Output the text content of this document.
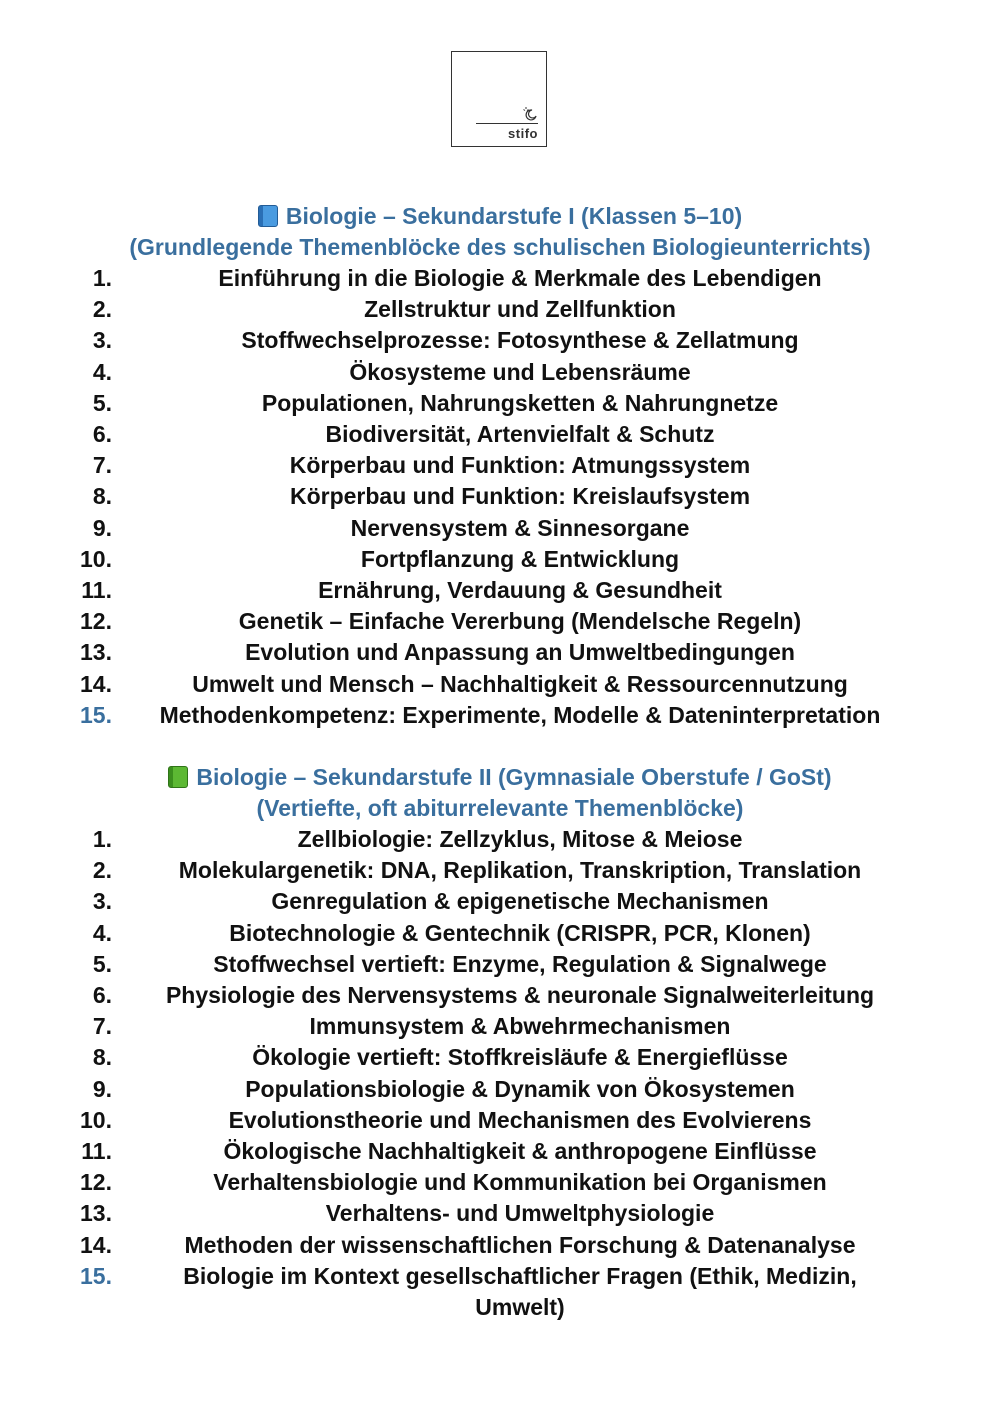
stifo
Biologie – Sekundarstufe I (Klassen 5–10)
(Grundlegende Themenblöcke des schulischen Biologieunterrichts)
1.	Einführung in die Biologie & Merkmale des Lebendigen
2.	Zellstruktur und Zellfunktion
3.	Stoffwechselprozesse: Fotosynthese & Zellatmung
4.	Ökosysteme und Lebensräume
5.	Populationen, Nahrungsketten & Nahrungnetze
6.	Biodiversität, Artenvielfalt & Schutz
7.	Körperbau und Funktion: Atmungssystem
8.	Körperbau und Funktion: Kreislaufsystem
9.	Nervensystem & Sinnesorgane
10.	Fortpflanzung & Entwicklung
11.	Ernährung, Verdauung & Gesundheit
12.	Genetik – Einfache Vererbung (Mendelsche Regeln)
13.	Evolution und Anpassung an Umweltbedingungen
14.	Umwelt und Mensch – Nachhaltigkeit & Ressourcennutzung
15.	Methodenkompetenz: Experimente, Modelle & Dateninterpretation
Biologie – Sekundarstufe II (Gymnasiale Oberstufe / GoSt)
(Vertiefte, oft abiturrelevante Themenblöcke)
1.	Zellbiologie: Zellzyklus, Mitose & Meiose
2.	Molekulargenetik: DNA, Replikation, Transkription, Translation
3.	Genregulation & epigenetische Mechanismen
4.	Biotechnologie & Gentechnik (CRISPR, PCR, Klonen)
5.	Stoffwechsel vertieft: Enzyme, Regulation & Signalwege
6.	Physiologie des Nervensystems & neuronale Signalweiterleitung
7.	Immunsystem & Abwehrmechanismen
8.	Ökologie vertieft: Stoffkreisläufe & Energieflüsse
9.	Populationsbiologie & Dynamik von Ökosystemen
10.	Evolutionstheorie und Mechanismen des Evolvierens
11.	Ökologische Nachhaltigkeit & anthropogene Einflüsse
12.	Verhaltensbiologie und Kommunikation bei Organismen
13.	Verhaltens- und Umweltphysiologie
14.	Methoden der wissenschaftlichen Forschung & Datenanalyse
15.	Biologie im Kontext gesellschaftlicher Fragen (Ethik, Medizin, Umwelt)
